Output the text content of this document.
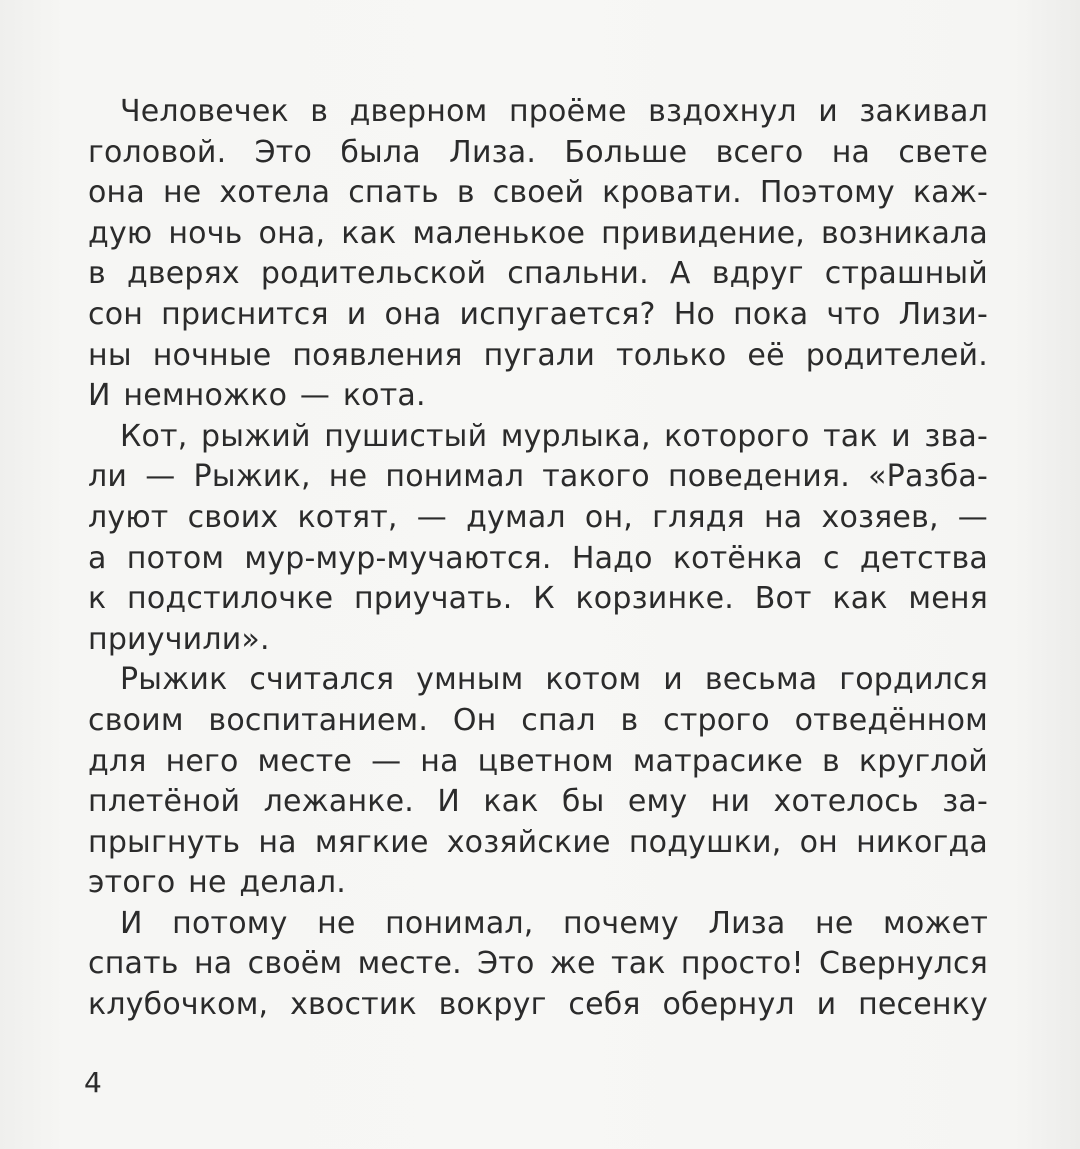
Человечек в дверном проёме вздохнул и закивал
головой. Это была Лиза. Больше всего на свете
она не хотела спать в своей кровати. Поэтому каж-
дую ночь она, как маленькое привидение, возникала
в дверях родительской спальни. А вдруг страшный
сон приснится и она испугается? Но пока что Лизи-
ны ночные появления пугали только её родителей.
И немножко — кота.
Кот, рыжий пушистый мурлыка, которого так и зва-
ли — Рыжик, не понимал такого поведения. «Разба-
луют своих котят, — думал он, глядя на хозяев, —
а потом мур-мур-мучаются. Надо котёнка с детства
к подстилочке приучать. К корзинке. Вот как меня
приучили».
Рыжик считался умным котом и весьма гордился
своим воспитанием. Он спал в строго отведённом
для него месте — на цветном матрасике в круглой
плетёной лежанке. И как бы ему ни хотелось за-
прыгнуть на мягкие хозяйские подушки, он никогда
этого не делал.
И потому не понимал, почему Лиза не может
спать на своём месте. Это же так просто! Свернулся
клубочком, хвостик вокруг себя обернул и песенку
4
